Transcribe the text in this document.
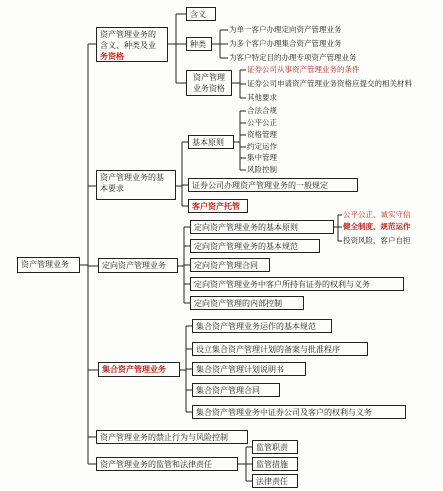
资产管理业务
资产管理业务的
含义、种类及业
务资格
含义
种类
为单一客户办理定向资产管理业务
为多个客户办理集合资产管理业务
为客户特定目的办理专项资产管理业务
资产管理
业务资格
证券公司从事资产管理业务的条件
证券公司申请资产管理业务资格应提交的相关材料
其他要求
资产管理业务的基
本要求
基本原则
合法合规
公平公正
资格管理
约定运作
集中管理
风险控制
证券公司办理资产管理业务的一般规定
客户资产托管
定向资产管理业务
定向资产管理业务的基本原则
定向资产管理业务的基本规范
定向资产管理合同
定向资产管理业务中客户所持有证券的权利与义务
定向资产管理的内部控制
公平公正、诚实守信
健全制度、规范运作
投资风险、客户自担
集合资产管理业务
集合资产管理业务运作的基本规范
设立集合资产管理计划的备案与批准程序
集合资产管理计划说明书
集合资产管理合同
集合资产管理业务中证券公司及客户的权利与义务
资产管理业务的禁止行为与风险控制
资产管理业务的监管和法律责任
监管职责
监管措施
法律责任
